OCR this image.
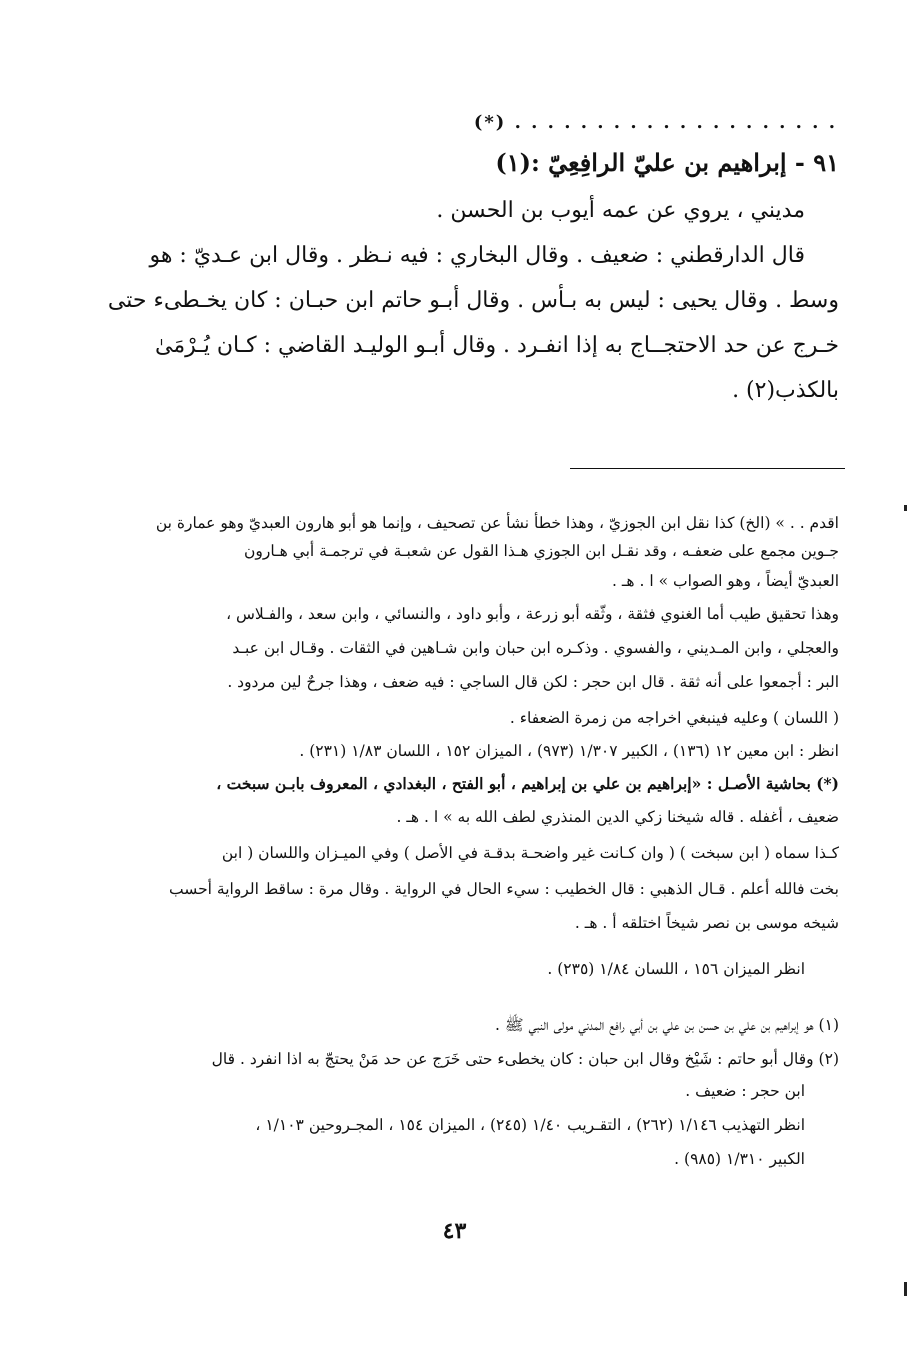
(*) . . . . . . . . . . . . . . . . . . . .
٩١ - إبراهيم بن عليّ الرافِعِيّ :(١)
مديني ، يروي عن عمه أيوب بن الحسن .
قال الدارقطني : ضعيف . وقال البخاري : فيه نـظر . وقال ابن عـديّ : هو
وسط . وقال يحيى : ليس به بـأس . وقال أبـو حاتم ابن حبـان : كان يخـطىء حتى
خـرج عن حد الاحتجــاج به إذا انفـرد . وقال أبـو الوليـد القاضي : كـان يُـرْمَىٰ
بالكذب(٢) .
اقدم . . » (الخ) كذا نقل ابن الجوزيّ ، وهذا خطأ نشأ عن تصحيف ، وإنما هو أبو هارون العبديّ وهو عمارة بن
جـوين مجمع على ضعفـه ، وقد نقـل ابن الجوزي هـذا القول عن شعبـة في ترجمـة أبي هـارون
العبديّ أيضاً ، وهو الصواب » ا . هـ .
وهذا تحقيق طيب أما الغنوي فثقة ، وثّقه أبو زرعة ، وأبو داود ، والنسائي ، وابن سعد ، والفـلاس ،
والعجلي ، وابن المـديني ، والفسوي . وذكـره ابن حبان وابن شـاهين في الثقات . وقـال ابن عبـد
البر : أجمعوا على أنه ثقة . قال ابن حجر : لكن قال الساجي : فيه ضعف ، وهذا جرحٌ لين مردود .
( اللسان ) وعليه فينبغي اخراجه من زمرة الضعفاء .
انظر : ابن معين ١٢ (١٣٦) ، الكبير ١/٣٠٧ (٩٧٣) ، الميزان ١٥٢ ، اللسان ١/٨٣ (٢٣١) .
(*) بحاشية الأصـل : «إبراهيم بن علي بن إبراهيم ، أبو الفتح ، البغدادي ، المعروف بابـن سبخت ،
ضعيف ، أغفله . قاله شيخنا زكي الدين المنذري لطف الله به » ا . هـ .
كـذا سماه ( ابن سبخت ) ( وان كـانت غير واضحـة بدقـة في الأصل ) وفي الميـزان واللسان ( ابن
بخت فالله أعلم . قـال الذهبي : قال الخطيب : سيء الحال في الرواية . وقال مرة : ساقط الرواية أحسب
شيخه موسى بن نصر شيخاً اختلقه أ . هـ .
انظر الميزان ١٥٦ ، اللسان ١/٨٤ (٢٣٥) .
(١) هو إبراهيم بن علي بن حسن بن علي بن أبي رافع المدني مولى النبي ﷺ .
(٢) وقال أبو حاتم : شَيْخ وقال ابن حبان : كان يخطىء حتى خَرَج عن حد مَنْ يحتجّ به اذا انفرد . قال
ابن حجر : ضعيف .
انظر التهذيب ١/١٤٦ (٢٦٢) ، التقـريب ١/٤٠ (٢٤٥) ، الميزان ١٥٤ ، المجـروحين ١/١٠٣ ،
الكبير ١/٣١٠ (٩٨٥) .
٤٣
